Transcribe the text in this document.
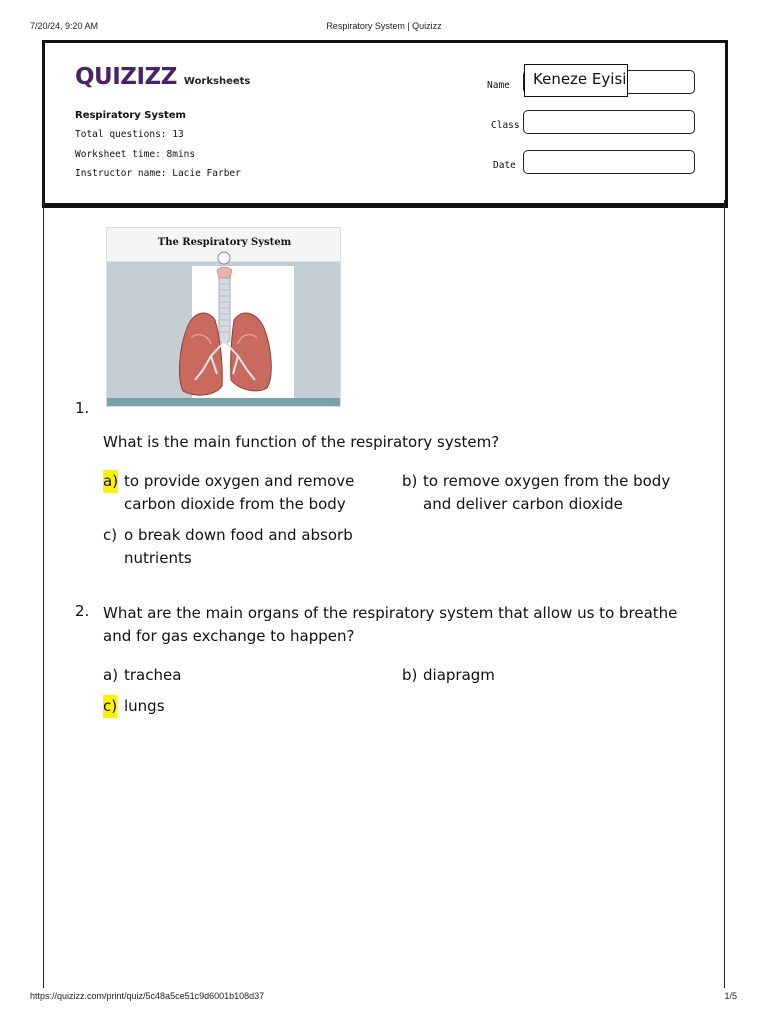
7/20/24, 9:20 AM	Respiratory System | Quizizz
QUIZIZZ Worksheets
Respiratory System
Total questions: 13
Worksheet time: 8mins
Instructor name: Lacie Farber
Name	Keneze Eyisi
Class
Date
The Respiratory System
1.
What is the main function of the respiratory system?
a) to provide oxygen and remove
carbon dioxide from the body
b) to remove oxygen from the body
and deliver carbon dioxide
c) o break down food and absorb
nutrients
2. What are the main organs of the respiratory system that allow us to breathe
and for gas exchange to happen?
a) trachea	b) diapragm
c) lungs
https://quizizz.com/print/quiz/5c48a5ce51c9d6001b108d37	1/5
